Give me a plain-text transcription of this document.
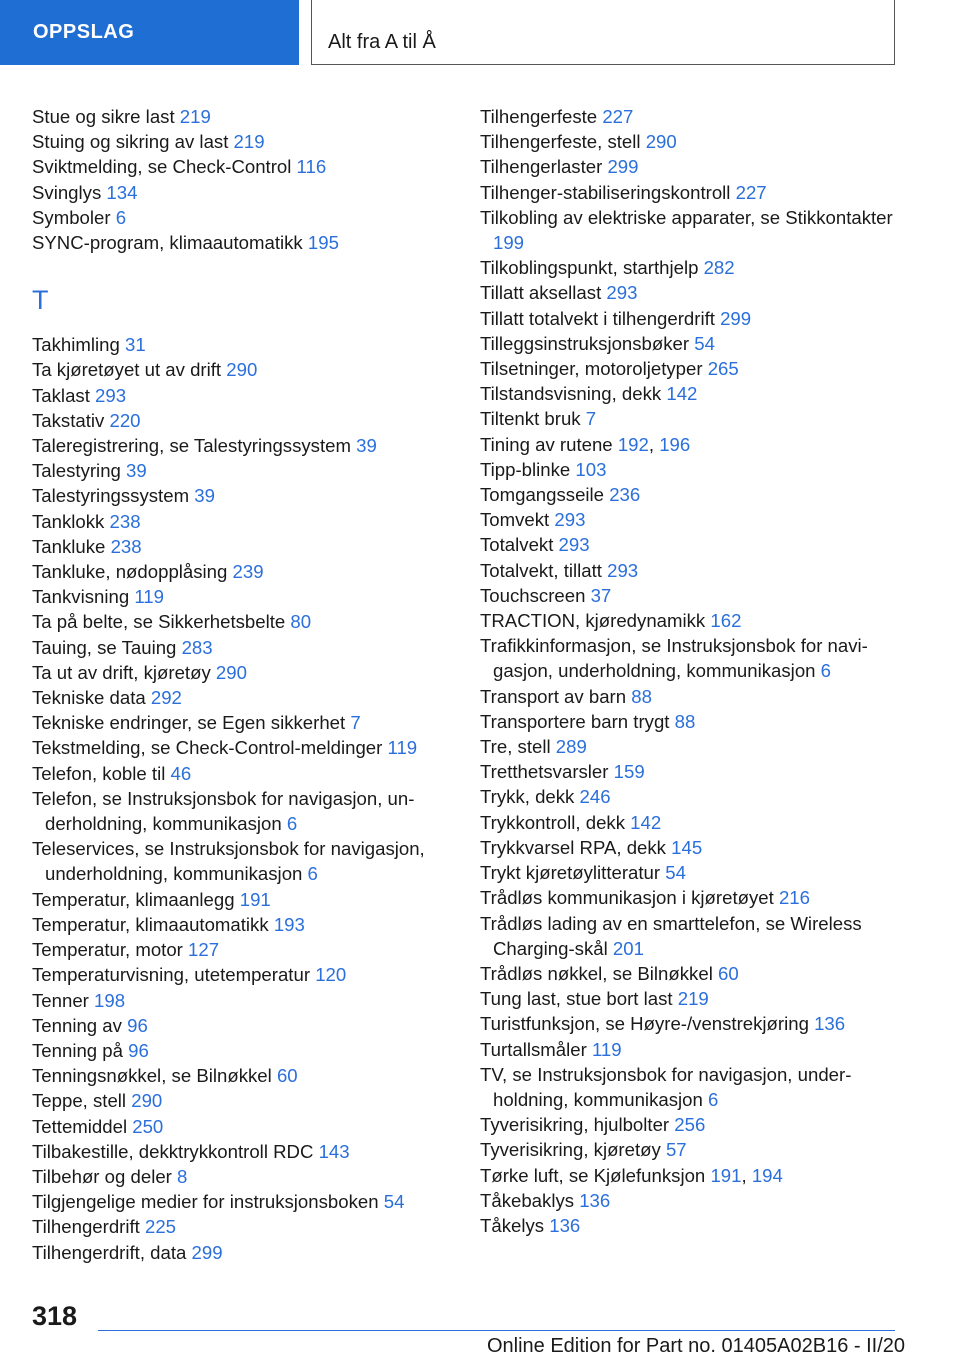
OPPSLAG	Alt fra A til Å

Stue og sikre last 219

Stuing og sikring av last 219

Sviktmelding, se Check-Control 116

Svinglys 134

Symboler 6

SYNC-program, klimaautomatikk 195

T

Takhimling 31

Ta kjøretøyet ut av drift 290

Taklast 293

Takstativ 220

Taleregistrering, se Talestyringssystem 39

Talestyring 39

Talestyringssystem 39

Tanklokk 238

Tankluke 238

Tankluke, nødopplåsing 239

Tankvisning 119

Ta på belte, se Sikkerhetsbelte 80

Tauing, se Tauing 283

Ta ut av drift, kjøretøy 290

Tekniske data 292

Tekniske endringer, se Egen sikkerhet 7

Tekstmelding, se Check-Control-meldinger 119

Telefon, koble til 46

Telefon, se Instruksjonsbok for navigasjon, underholdning, kommunikasjon 6

Teleservices, se Instruksjonsbok for navigasjon, underholdning, kommunikasjon 6

Temperatur, klimaanlegg 191

Temperatur, klimaautomatikk 193

Temperatur, motor 127

Temperaturvisning, utetemperatur 120

Tenner 198

Tenning av 96

Tenning på 96

Tenningsnøkkel, se Bilnøkkel 60

Teppe, stell 290

Tettemiddel 250

Tilbakestille, dekktrykkontroll RDC 143

Tilbehør og deler 8

Tilgjengelige medier for instruksjonsboken 54

Tilhengerdrift 225

Tilhengerdrift, data 299

Tilhengerfeste 227

Tilhengerfeste, stell 290

Tilhengerlaster 299

Tilhenger-stabiliseringskontroll 227

Tilkobling av elektriske apparater, se Stikkontakter 199

Tilkoblingspunkt, starthjelp 282

Tillatt aksellast 293

Tillatt totalvekt i tilhengerdrift 299

Tilleggsinstruksjonsbøker 54

Tilsetninger, motoroljetyper 265

Tilstandsvisning, dekk 142

Tiltenkt bruk 7

Tining av rutene 192, 196

Tipp-blinke 103

Tomgangsseile 236

Tomvekt 293

Totalvekt 293

Totalvekt, tillatt 293

Touchscreen 37

TRACTION, kjøredynamikk 162

Trafikkinformasjon, se Instruksjonsbok for navigasjon, underholdning, kommunikasjon 6

Transport av barn 88

Transportere barn trygt 88

Tre, stell 289

Tretthetsvarsler 159

Trykk, dekk 246

Trykkontroll, dekk 142

Trykkvarsel RPA, dekk 145

Trykt kjøretøylitteratur 54

Trådløs kommunikasjon i kjøretøyet 216

Trådløs lading av en smarttelefon, se Wireless Charging-skål 201

Trådløs nøkkel, se Bilnøkkel 60

Tung last, stue bort last 219

Turistfunksjon, se Høyre-/venstrekjøring 136

Turtallsmåler 119

TV, se Instruksjonsbok for navigasjon, underholdning, kommunikasjon 6

Tyverisikring, hjulbolter 256

Tyverisikring, kjøretøy 57

Tørke luft, se Kjølefunksjon 191, 194

Tåkebaklys 136

Tåkelys 136

318
Online Edition for Part no. 01405A02B16 - II/20
